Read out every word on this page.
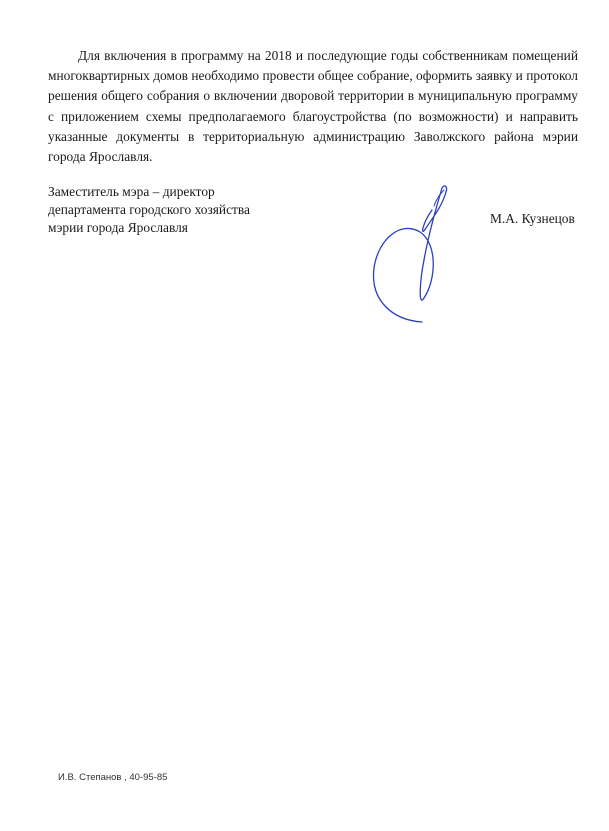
Для включения в программу на 2018 и последующие годы собственникам помещений многоквартирных домов необходимо провести общее собрание, оформить заявку и протокол решения общего собрания о включении дворовой территории в муниципальную программу с приложением схемы предполагаемого благоустройства (по возможности) и направить указанные документы в территориальную администрацию Заволжского района мэрии города Ярославля.

Заместитель мэра – директор
департамента городского хозяйства
мэрии города Ярославля

М.А. Кузнецов

И.В. Степанов , 40-95-85
